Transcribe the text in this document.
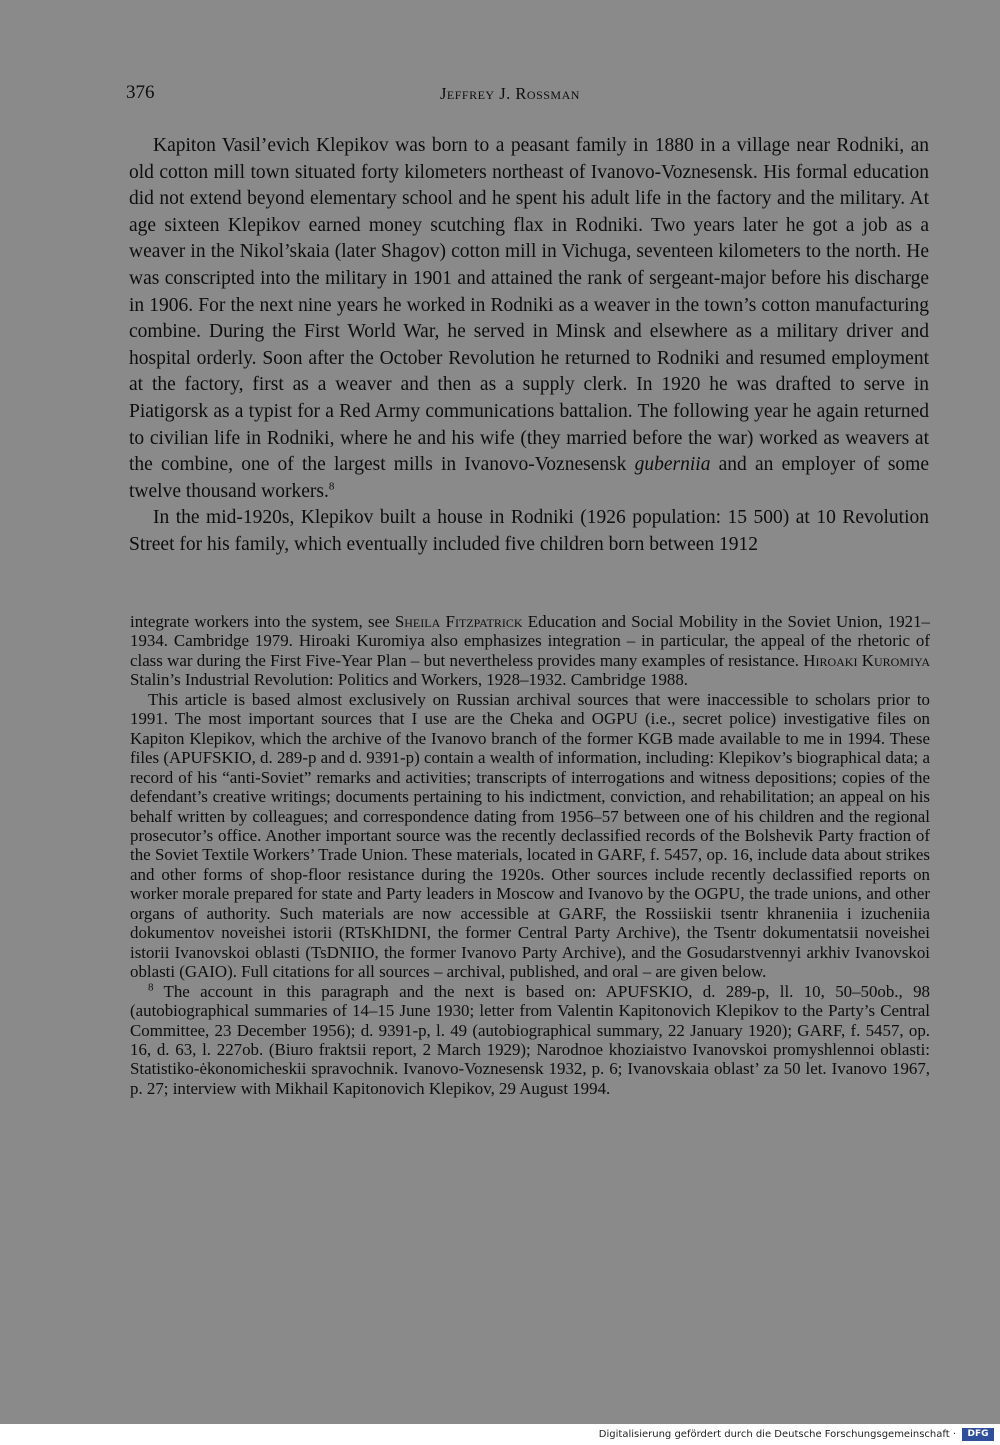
376	Jeffrey J. Rossman

Kapiton Vasil’evich Klepikov was born to a peasant family in 1880 in a village near Rodniki, an old cotton mill town situated forty kilometers northeast of Ivanovo-Voznesensk. His formal education did not extend beyond elementary school and he spent his adult life in the factory and the military. At age sixteen Klepikov earned money scutching flax in Rodniki. Two years later he got a job as a weaver in the Nikol’skaia (later Shagov) cotton mill in Vichuga, seventeen kilometers to the north. He was conscripted into the military in 1901 and attained the rank of sergeant-major before his discharge in 1906. For the next nine years he worked in Rodniki as a weaver in the town’s cotton manufacturing combine. During the First World War, he served in Minsk and elsewhere as a military driver and hospital orderly. Soon after the October Revolution he returned to Rodniki and resumed employment at the factory, first as a weaver and then as a supply clerk. In 1920 he was drafted to serve in Piatigorsk as a typist for a Red Army communications battalion. The following year he again returned to civilian life in Rodniki, where he and his wife (they married before the war) worked as weavers at the combine, one of the largest mills in Ivanovo-Voznesensk guberniia and an employer of some twelve thousand workers.$^8$

In the mid-1920s, Klepikov built a house in Rodniki (1926 population: 15 500) at 10 Revolution Street for his family, which eventually included five children born between 1912

integrate workers into the system, see Sheila Fitzpatrick Education and Social Mobility in the Soviet Union, 1921–1934. Cambridge 1979. Hiroaki Kuromiya also emphasizes integration – in particular, the appeal of the rhetoric of class war during the First Five-Year Plan – but nevertheless provides many examples of resistance. Hiroaki Kuromiya Stalin’s Industrial Revolution: Politics and Workers, 1928–1932. Cambridge 1988.

This article is based almost exclusively on Russian archival sources that were inaccessible to scholars prior to 1991. The most important sources that I use are the Cheka and OGPU (i.e., secret police) investigative files on Kapiton Klepikov, which the archive of the Ivanovo branch of the former KGB made available to me in 1994. These files (APUFSKIO, d. 289-p and d. 9391-p) contain a wealth of information, including: Klepikov’s biographical data; a record of his “anti-Soviet” remarks and activities; transcripts of interrogations and witness depositions; copies of the defendant’s creative writings; documents pertaining to his indictment, conviction, and rehabilitation; an appeal on his behalf written by colleagues; and correspondence dating from 1956–57 between one of his children and the regional prosecutor’s office. Another important source was the recently declassified records of the Bolshevik Party fraction of the Soviet Textile Workers’ Trade Union. These materials, located in GARF, f. 5457, op. 16, include data about strikes and other forms of shop-floor resistance during the 1920s. Other sources include recently declassified reports on worker morale prepared for state and Party leaders in Moscow and Ivanovo by the OGPU, the trade unions, and other organs of authority. Such materials are now accessible at GARF, the Rossiiskii tsentr khraneniia i izucheniia dokumentov noveishei istorii (RTsKhIDNI, the former Central Party Archive), the Tsentr dokumentatsii noveishei istorii Ivanovskoi oblasti (TsDNIIO, the former Ivanovo Party Archive), and the Gosudarstvennyi arkhiv Ivanovskoi oblasti (GAIO). Full citations for all sources – archival, published, and oral – are given below.

$^8$ The account in this paragraph and the next is based on: APUFSKIO, d. 289-p, ll. 10, 50–50ob., 98 (autobiographical summaries of 14–15 June 1930; letter from Valentin Kapitonovich Klepikov to the Party’s Central Committee, 23 December 1956); d. 9391-p, l. 49 (autobiographical summary, 22 January 1920); GARF, f. 5457, op. 16, d. 63, l. 227ob. (Biuro fraktsii report, 2 March 1929); Narodnoe khoziaistvo Ivanovskoi promyshlennoi oblasti: Statistiko-ėkonomicheskii spravochnik. Ivanovo-Voznesensk 1932, p. 6; Ivanovskaia oblast’ za 50 let. Ivanovo 1967, p. 27; interview with Mikhail Kapitonovich Klepikov, 29 August 1994.

Digitalisierung gefördert durch die Deutsche Forschungsgemeinschaft ·	DFG
